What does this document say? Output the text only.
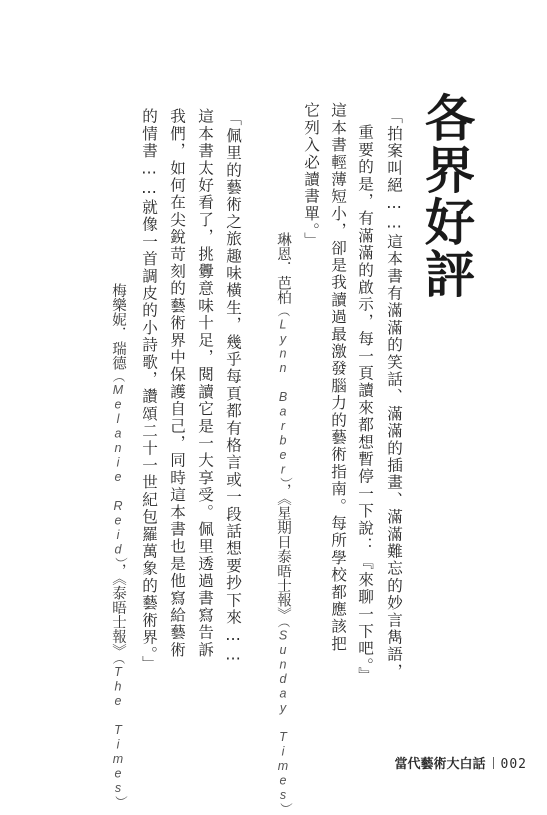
各界好評

「拍案叫絕……這本書有滿滿的笑話、滿滿的插畫、滿滿難忘的妙言雋語，

重要的是，有滿滿的啟示，每一頁讀來都想暫停一下說：『來聊一下吧。』

這本書輕薄短小，卻是我讀過最激發腦力的藝術指南。每所學校都應該把

它列入必讀書單。」

琳恩．芭柏（Lynn Barber），《星期日泰晤士報》（Sunday Times）

「佩里的藝術之旅趣味橫生，幾乎每頁都有格言或一段話想要抄下來……

這本書太好看了，挑釁意味十足，閱讀它是一大享受。佩里透過書寫告訴

我們，如何在尖銳苛刻的藝術界中保護自己，同時這本書也是他寫給藝術

的情書……就像一首調皮的小詩歌，讚頌二十一世紀包羅萬象的藝術界。」

梅樂妮．瑞德（Melanie Reid），《泰晤士報》（The Times）	當代藝術大白話 002
